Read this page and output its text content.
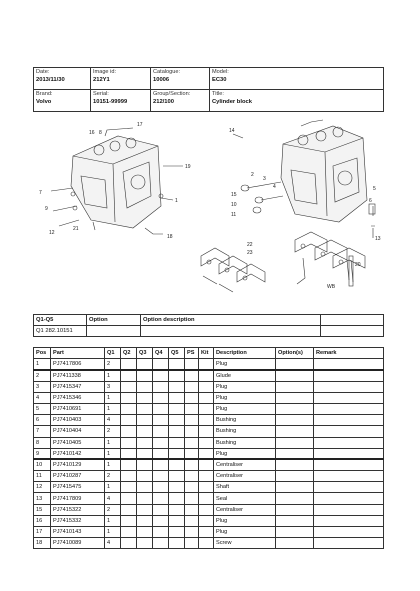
Date:
2013/11/30	Image id:
212Y1	Catalogue:
10006	Model:
EC30

Brand:
Volvo	Serial:
10151-99999	Group/Section:
212/100	Title:
Cylinder block
16 8
17
19
1
7
9
18
12
21
14
2
3
4	5
6
15
10
11
13
20
22
23
WB
Q1-Q5	Option	Option description	
Q1 282.10151			
Pos	Part	Q1	Q2	Q3	Q4	Q5	PS	Kit	Description	Option(s)	Remark
1	PJ7417806	2							Plug		
2	PJ7411338	1							Glude		
3	PJ7415347	3							Plug		
4	PJ7415346	1							Plug		
5	PJ7410691	1							Plug		
6	PJ7410403	4							Bushing		
7	PJ7410404	2							Bushing		
8	PJ7410405	1							Bushing		
9	PJ7410142	1							Plug		
10	PJ7410129	1							Centraliser		
11	PJ7410287	2							Centraliser		
12	PJ7415475	1							Shaft		
13	PJ7417809	4							Seal		
15	PJ7415322	2							Centraliser		
16	PJ7415332	1							Plug		
17	PJ7410143	1							Plug		
18	PJ7410089	4							Screw		
